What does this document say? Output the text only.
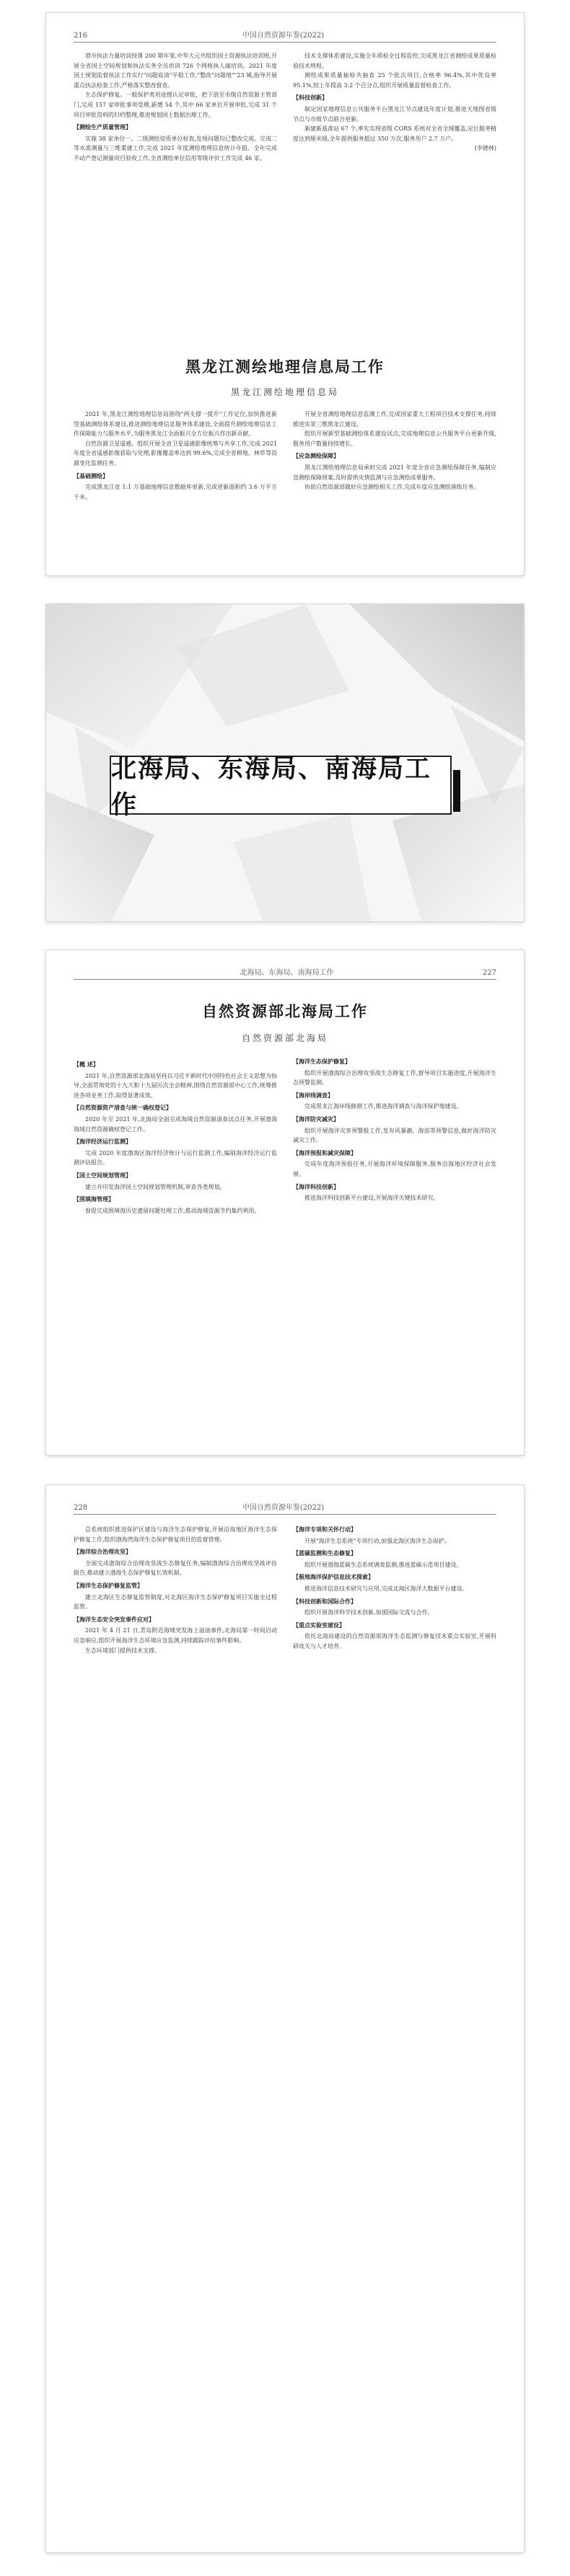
216	中国自然资源年鉴(2022)

滑市执法力量培训授课 200 期年鉴,中华大元共组织国土资源执法培训班,开展全省国土空间规划和执法实务全员培训 726 个网格执人端培训。2021 年度国土规划监督执法工作实行"问题底清"平稳工作,"整改"问题地""23 城,指导开展重点执法检查工作,严格落实整改督查。

生态保护修复。一般保护类用途缓认定审批，把下放至市级自然资源主管部门,完成 157 家审批事项受理,新增 54 个,其中 66 家单位开展审批,完成 31 个项目审批资料的归档整理,推进规划国土数据治理工作。

【测绘生产质量管理】

实施 38 家单位一、二级测绘资质单位检查,发现问题均已整改完成。完成二等水准测量与三维重建工作,完成 2021 年度测绘地理信息统计年报。全年完成不动产登记测量项目验收工作,全省测绘单位信用等级评价工作完成 46 家。

技术支撑体系建设,实施全年质检全过程监控,完成黑龙江省测绘成果质量检验技术规程。

测绘成果质量抽检共抽查 25 个批次项目,合格率 96.4%,其中优良率 95.1%,较上年提高 3.2 个百分点,组织开展质量监督检查工作。

【科技创新】

制定国家地理信息公共服务平台黑龙江节点建设年度计划,推进天地图省级节点与市级节点联合更新。

新建新基准站 67 个,率先实现省级 CORS 系统对全省全域覆盖,定位服务精度达到厘米级,全年提供服务超过 350 万次,服务用户 2.7 万户。

(李德林)

黑龙江测绘地理信息局工作
黑龙江测绘地理信息局

2021 年,黑龙江测绘地理信息局围绕"两支撑一提升"工作定位,加快推进新型基础测绘体系建设,推进测绘地理信息服务体系建设,全面提升测绘地理信息工作保障能力与服务水平,为服务黑龙江全面振兴全方位振兴作出新贡献。

自然资源卫星遥感。组织开展全省卫星遥感影像统筹与共享工作,完成 2021 年度全省遥感影像获取与处理,影像覆盖率达到 99.6%,完成全省耕地、林草等资源变化监测任务。

【基础测绘】

完成黑龙江省 1:1 万基础地理信息数据库更新,完成更新面积约 3.6 万平方千米。

开展全省测绘地理信息监测工作,完成国家重大工程项目技术支撑任务,持续推进实景三维黑龙江建设。

组织开展新型基础测绘体系建设试点,完成地理信息公共服务平台更新升级,服务用户数量持续增长。

【应急测绘保障】

黑龙江测绘地理信息局承担完成 2021 年度全省应急测绘保障任务,编制应急测绘保障预案,及时提供灾情监测与应急测绘成果服务。

协助自然资源部做好应急测绘相关工作,完成年度应急测绘演练任务。

北海局、东海局、南海局工作
北海局、东海局、南海局工作	227
自然资源部北海局工作
自然资源部北海局

【概 述】

2021 年,自然资源部北海局坚持以习近平新时代中国特色社会主义思想为指导,全面贯彻党的十九大和十九届历次全会精神,围绕自然资源部中心工作,统筹推进各项业务工作,取得显著成效。

【自然资源资产清查与统一确权登记】

2020 年至 2021 年,北海局全面完成海域自然资源清查试点任务,开展渤海海域自然资源确权登记工作。

【海洋经济运行监测】

完成 2020 年度渤海区海洋经济统计与运行监测工作,编制海洋经济运行监测评估报告。

【国土空间规划管理】

建立并印发海洋国土空间规划管理机制,审查各类规划。

【围填海管理】

督促完成围填海历史遗留问题处理工作,推动海域资源节约集约利用。

【海洋生态保护修复】

组织开展渤海综合治理攻坚战生态修复工作,督导项目实施进度,开展海洋生态预警监测。

【海岸线调查】

完成黑龙江海岸线修测工作,推进海洋调查与海洋保护地建设。

【海洋防灾减灾】

组织开展海洋灾害预警报工作,发布风暴潮、海浪等预警信息,做好海洋防灾减灾工作。

【海洋预报和减灾保障】

完成年度海洋预报任务,开展海洋环境保障服务,服务沿海地区经济社会发展。

【海洋科技创新】

推进海洋科技创新平台建设,开展海洋关键技术研究。

228	中国自然资源年鉴(2022)

总系统组织推进保护区建设与海洋生态保护修复,开展沿海地区海洋生态保护修复工作,组织渤海湾海洋生态保护修复项目的监督管理。

【海洋综合治理攻坚】

全面完成渤海综合治理攻坚战生态修复任务,编制渤海综合治理攻坚战评估报告,推动建立渤海生态保护修复长效机制。

【海洋生态保护修复监管】

建立北海区生态修复监管制度,对北海区海洋生态保护修复项目实施全过程监管。

【海洋生态安全突发事件应对】

2021 年 4 月 21 日,青岛附近海域突发海上溢油事件,北海局第一时间启动应急响应,组织开展海洋生态环境应急监测,持续跟踪评估事件影响。

生态环境部门提供技术支撑。

【海洋专项和关怀行动】

开展"海洋生态系统"专项行动,加强北海区海洋生态保护。

【蓝碳监测和生态修复】

组织开展渤海蓝碳生态系统调查监测,推进蓝碳示范项目建设。

【极地海洋保护信息技术探索】

推进海洋信息技术研究与应用,完成北海区海洋大数据平台建设。

【科技创新和国际合作】

组织开展海洋科学技术创新,加强国际交流与合作。

【重点实验室建设】

依托北海局建设的自然资源部海洋生态监测与修复技术重点实验室,开展科研攻关与人才培养。
